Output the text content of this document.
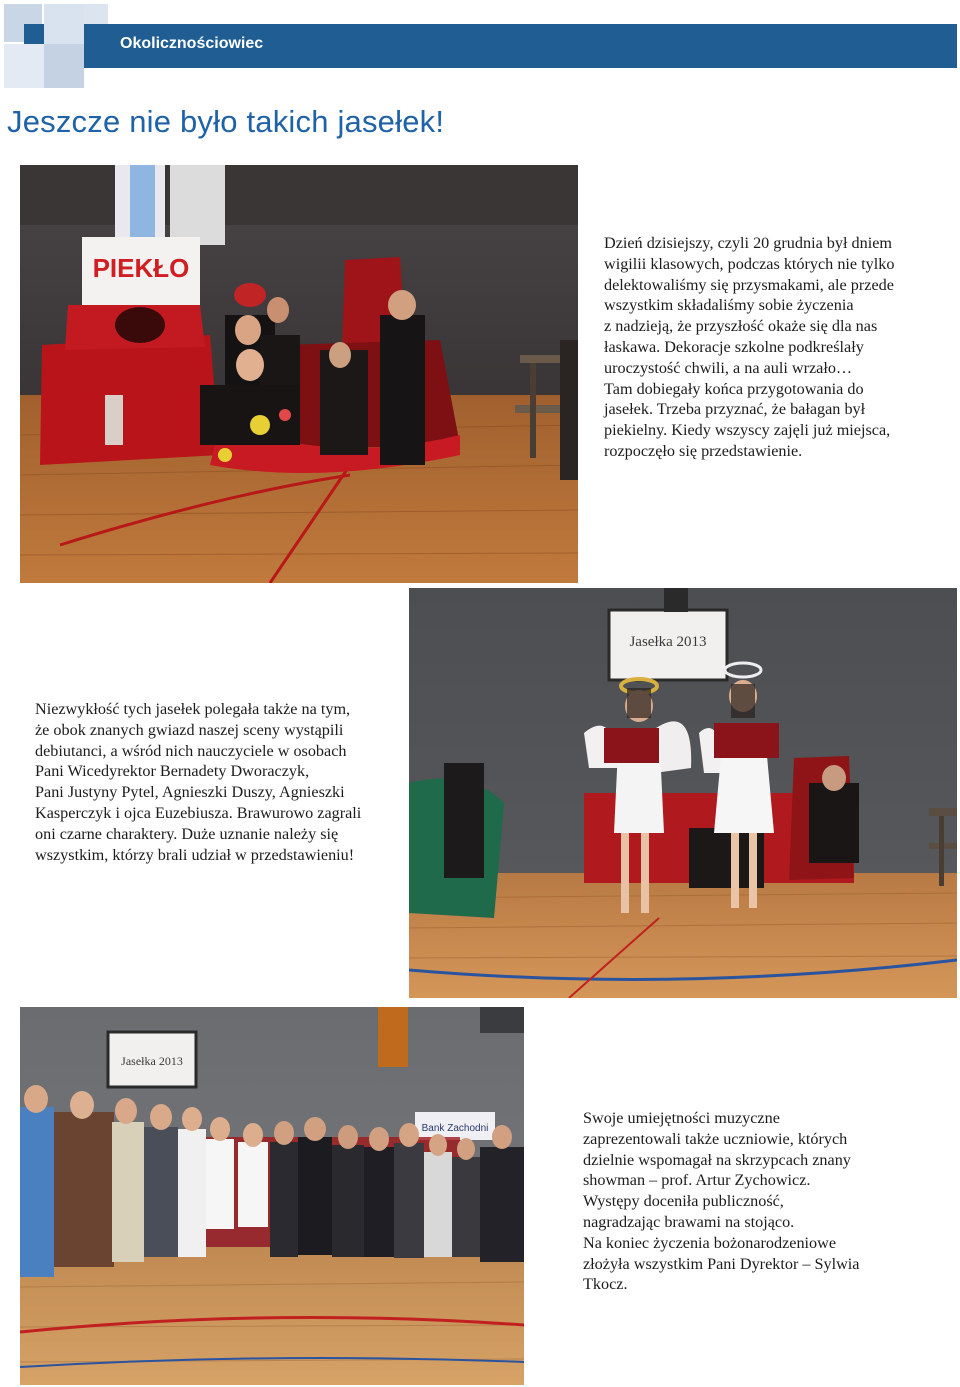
Okolicznościowiec
Jeszcze nie było takich jasełek!
PIEKŁO
Dzień dzisiejszy, czyli 20 grudnia był dniem
wigilii klasowych, podczas których nie tylko
delektowaliśmy się przysmakami, ale przede
wszystkim składaliśmy sobie życzenia
z nadzieją, że przyszłość okaże się dla nas
łaskawa. Dekoracje szkolne podkreślały
uroczystość chwili, a na auli wrzało…
Tam dobiegały końca przygotowania do
jasełek. Trzeba przyznać, że bałagan był
piekielny. Kiedy wszyscy zajęli już miejsca,
rozpoczęło się przedstawienie.
Niezwykłość tych jasełek polegała także na tym,
że obok znanych gwiazd naszej sceny wystąpili
debiutanci, a wśród nich nauczyciele w osobach
Pani Wicedyrektor Bernadety Dworaczyk,
Pani Justyny Pytel, Agnieszki Duszy, Agnieszki
Kasperczyk i ojca Euzebiusza. Brawurowo zagrali
oni czarne charaktery. Duże uznanie należy się
wszystkim, którzy brali udział w przedstawieniu!
Jasełka 2013
Jasełka 2013
Bank Zachodni
Swoje umiejętności muzyczne
zaprezentowali także uczniowie, których
dzielnie wspomagał na skrzypcach znany
showman – prof. Artur Zychowicz.
Występy doceniła publiczność,
nagradzając brawami na stojąco.
Na koniec życzenia bożonarodzeniowe
złożyła wszystkim Pani Dyrektor – Sylwia
Tkocz.
